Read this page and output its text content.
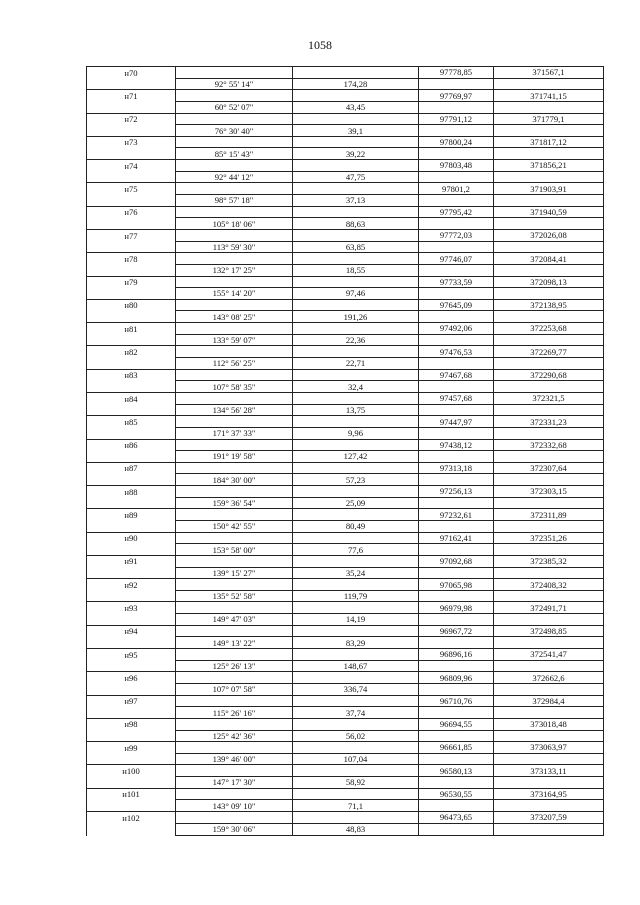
1058
н70			97778,85	371567,1
	92° 55' 14"	174,28		
н71			97769,97	371741,15
	60° 52' 07"	43,45		
н72			97791,12	371779,1
	76° 30' 40"	39,1		
н73			97800,24	371817,12
	85° 15' 43"	39,22		
н74			97803,48	371856,21
	92° 44' 12"	47,75		
н75			97801,2	371903,91
	98° 57' 18"	37,13		
н76			97795,42	371940,59
	105° 18' 06"	88,63		
н77			97772,03	372026,08
	113° 59' 30"	63,85		
н78			97746,07	372084,41
	132° 17' 25"	18,55		
н79			97733,59	372098,13
	155° 14' 20"	97,46		
н80			97645,09	372138,95
	143° 08' 25"	191,26		
н81			97492,06	372253,68
	133° 59' 07"	22,36		
н82			97476,53	372269,77
	112° 56' 25"	22,71		
н83			97467,68	372290,68
	107° 58' 35"	32,4		
н84			97457,68	372321,5
	134° 56' 28"	13,75		
н85			97447,97	372331,23
	171° 37' 33"	9,96		
н86			97438,12	372332,68
	191° 19' 58"	127,42		
н87			97313,18	372307,64
	184° 30' 00"	57,23		
н88			97256,13	372303,15
	159° 36' 54"	25,09		
н89			97232,61	372311,89
	150° 42' 55"	80,49		
н90			97162,41	372351,26
	153° 58' 00"	77,6		
н91			97092,68	372385,32
	139° 15' 27"	35,24		
н92			97065,98	372408,32
	135° 52' 58"	119,79		
н93			96979,98	372491,71
	149° 47' 03"	14,19		
н94			96967,72	372498,85
	149° 13' 22"	83,29		
н95			96896,16	372541,47
	125° 26' 13"	148,67		
н96			96809,96	372662,6
	107° 07' 58"	336,74		
н97			96710,76	372984,4
	115° 26' 16"	37,74		
н98			96694,55	373018,48
	125° 42' 36"	56,02		
н99			96661,85	373063,97
	139° 46' 00"	107,04		
н100			96580,13	373133,11
	147° 17' 30"	58,92		
н101			96530,55	373164,95
	143° 09' 10"	71,1		
н102			96473,65	373207,59
	159° 30' 06"	48,83		
